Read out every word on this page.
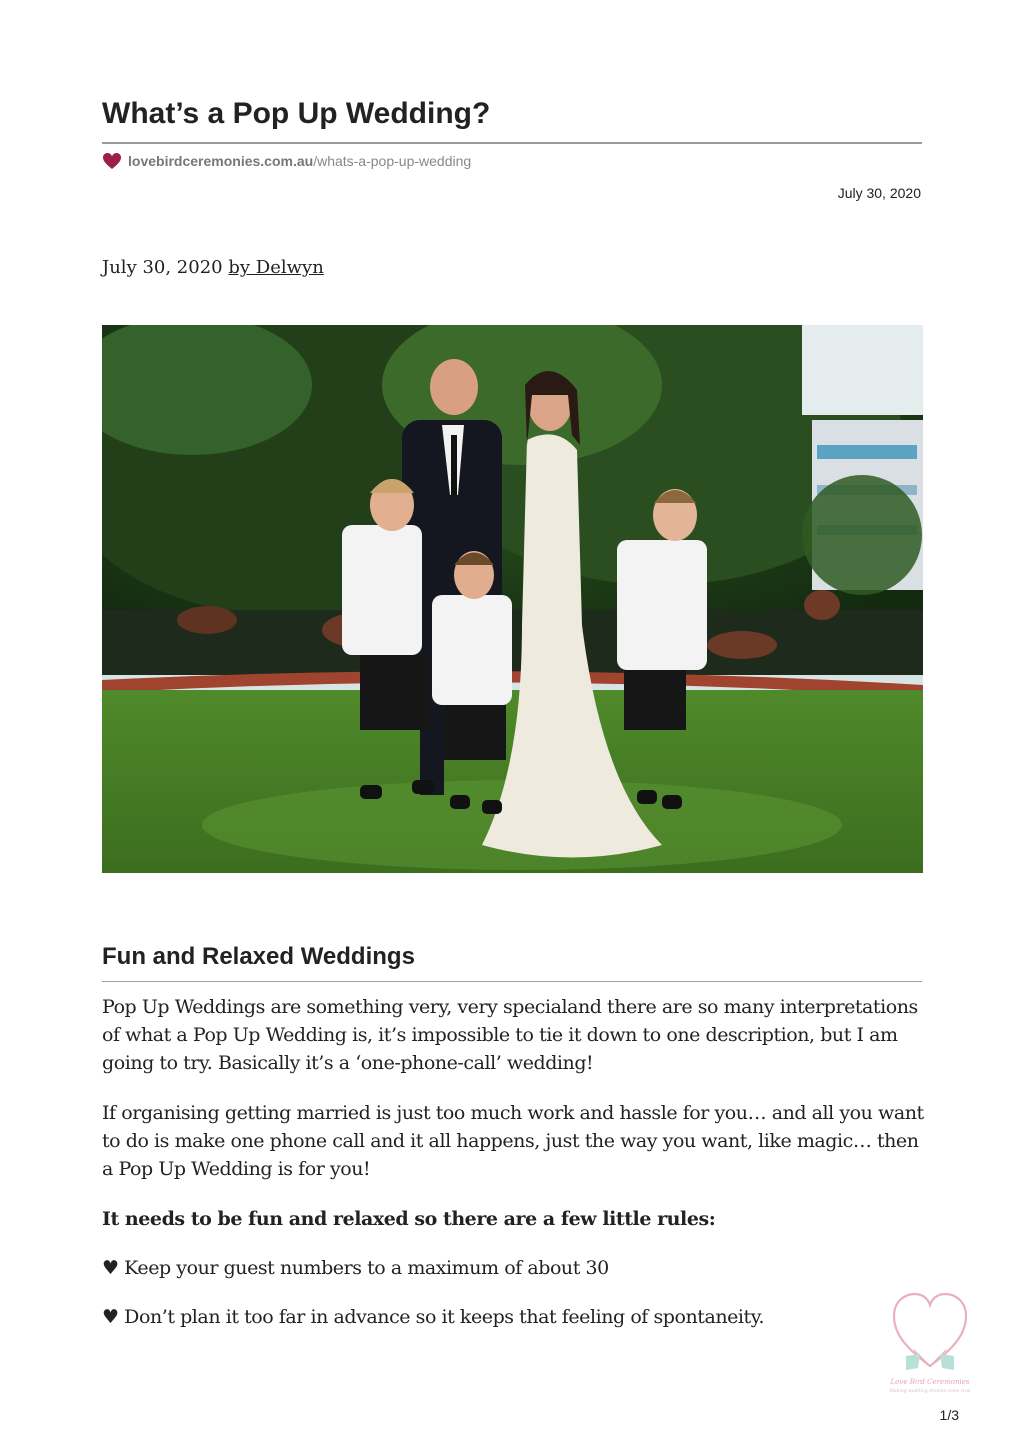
What’s a Pop Up Wedding?
lovebirdceremonies.com.au /whats-a-pop-up-wedding
July 30, 2020
July 30, 2020 by Delwyn
Fun and Relaxed Weddings

Pop Up Weddings are something very, very specialand there are so many interpretations of what a Pop Up Wedding is, it’s impossible to tie it down to one description, but I am going to try. Basically it’s a ‘one-phone-call’ wedding!

If organising getting married is just too much work and hassle for you… and all you want to do is make one phone call and it all happens, just the way you want, like magic… then a Pop Up Wedding is for you!

It needs to be fun and relaxed so there are a few little rules:

♥ Keep your guest numbers to a maximum of about 30

♥ Don’t plan it too far in advance so it keeps that feeling of spontaneity.

Love Bird Ceremonies
Making wedding dreams come true
1/3
